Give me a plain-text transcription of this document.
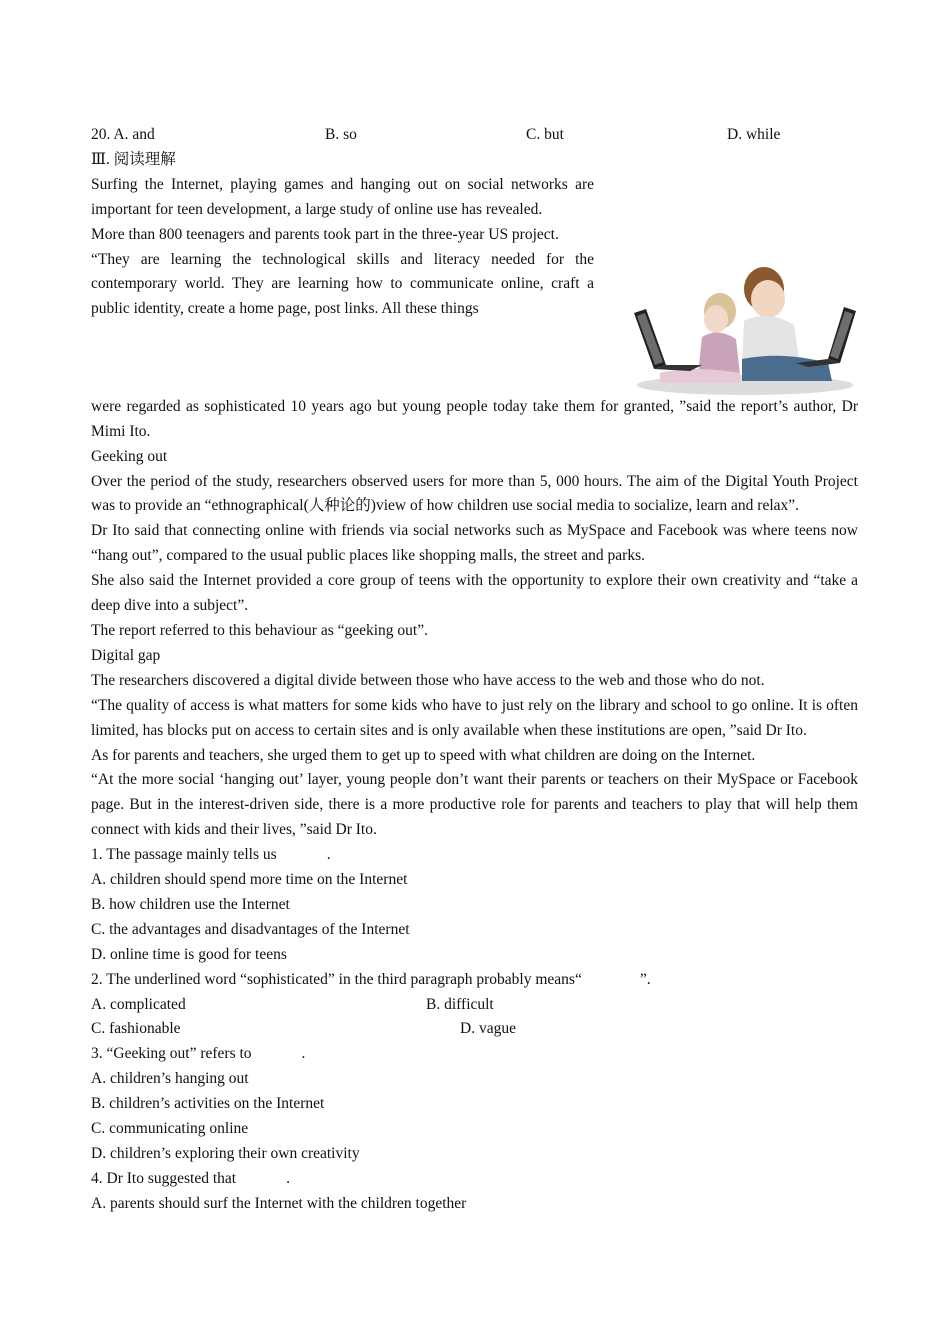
20. A. and	B. so	C. but	D. while
Ⅲ. 阅读理解
Surfing the Internet, playing games and hanging out on social networks are important for teen development, a large study of online use has revealed.
More than 800 teenagers and parents took part in the three-year US project.
“They are learning the technological skills and literacy needed for the contemporary world. They are learning how to communicate online, craft a public identity, create a home page, post links. All these things
were regarded as sophisticated 10 years ago but young people today take them for granted, ”said the report’s author, Dr Mimi Ito.
Geeking out
Over the period of the study, researchers observed users for more than 5, 000 hours. The aim of the Digital Youth Project was to provide an “ethnographical(人种论的)view of how children use social media to socialize, learn and relax”.
Dr Ito said that connecting online with friends via social networks such as MySpace and Facebook was where teens now “hang out”, compared to the usual public places like shopping malls, the street and parks.
She also said the Internet provided a core group of teens with the opportunity to explore their own creativity and “take a deep dive into a subject”.
The report referred to this behaviour as “geeking out”.
Digital gap
The researchers discovered a digital divide between those who have access to the web and those who do not.
“The quality of access is what matters for some kids who have to just rely on the library and school to go online. It is often limited, has blocks put on access to certain sites and is only available when these institutions are open, ”said Dr Ito.
As for parents and teachers, she urged them to get up to speed with what children are doing on the Internet.
“At the more social ‘hanging out’ layer, young people don’t want their parents or teachers on their MySpace or Facebook page. But in the interest-driven side, there is a more productive role for parents and teachers to play that will help them connect with kids and their lives, ”said Dr Ito.
1. The passage mainly tells us	.
A. children should spend more time on the Internet
B. how children use the Internet
C. the advantages and disadvantages of the Internet
D. online time is good for teens
2. The underlined word “sophisticated” in the third paragraph probably means“	”.
A. complicated	B. difficult
C. fashionable	D. vague
3. “Geeking out” refers to	.
A. children’s hanging out
B. children’s activities on the Internet
C. communicating online
D. children’s exploring their own creativity
4. Dr Ito suggested that	.
A. parents should surf the Internet with the children together
